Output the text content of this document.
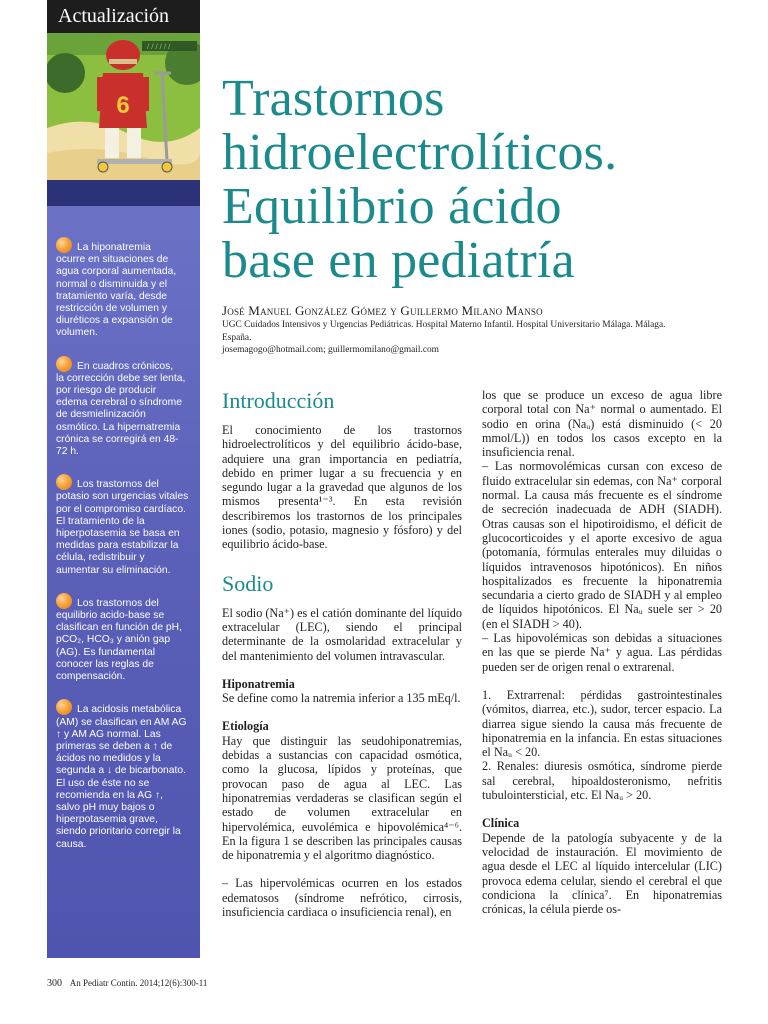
Actualización
/ / / / / /
6
La hiponatremia
ocurre en situaciones de agua corporal aumentada, normal o disminuida y el tratamiento varía, desde restricción de volumen y diuréticos a expansión de volumen.
En cuadros crónicos,
la corrección debe ser lenta, por riesgo de producir edema cerebral o síndrome de desmielinización osmótico. La hipernatremia crónica se corregirá en 48-72 h.
Los trastornos del
potasio son urgencias vitales por el compromiso cardíaco. El tratamiento de la hiperpotasemia se basa en medidas para estabilizar la célula, redistribuir y aumentar su eliminación.
Los trastornos del
equilibrio acido-base se clasifican en función de pH, pCO₂, HCO₃ y anión gap (AG). Es fundamental conocer las reglas de compensación.
La acidosis metabólica
(AM) se clasifican en AM AG ↑ y AM AG normal. Las primeras se deben a ↑ de ácidos no medidos y la segunda a ↓ de bicarbonato. El uso de éste no se recomienda en la AG ↑, salvo pH muy bajos o hiperpotasemia grave, siendo prioritario corregir la causa.
Trastornos
hidroelectrolíticos.
Equilibrio ácido
base en pediatría
José Manuel González Gómez y Guillermo Milano Manso
UGC Cuidados Intensivos y Urgencias Pediátricas. Hospital Materno Infantil. Hospital Universitario Málaga. Málaga.
España.
josemagogo@hotmail.com; guillermomilano@gmail.com
Introducción

El conocimiento de los trastornos hidroelectrolíticos y del equilibrio ácido-base, adquiere una gran importancia en pediatría, debido en primer lugar a su frecuencia y en segundo lugar a la gravedad que algunos de los mismos presenta¹⁻³. En esta revisión describiremos los trastornos de los principales iones (sodio, potasio, magnesio y fósforo) y del equilibrio ácido-base.

Sodio

El sodio (Na⁺) es el catión dominante del líquido extracelular (LEC), siendo el principal determinante de la osmolaridad extracelular y del mantenimiento del volumen intravascular.

Hiponatremia

Se define como la natremia inferior a 135 mEq/l.

Etiología

Hay que distinguir las seudohiponatremias, debidas a sustancias con capacidad osmótica, como la glucosa, lípidos y proteínas, que provocan paso de agua al LEC. Las hiponatremias verdaderas se clasifican según el estado de volumen extracelular en hipervolémica, euvolémica e hipovolémica⁴⁻⁶. En la figura 1 se describen las principales causas de hiponatremia y el algoritmo diagnóstico.

– Las hipervolémicas ocurren en los estados edematosos (síndrome nefrótico, cirrosis, insuficiencia cardiaca o insuficiencia renal), en

los que se produce un exceso de agua libre corporal total con Na⁺ normal o aumentado. El sodio en orina (Naᵤ) está disminuido (< 20 mmol/L)) en todos los casos excepto en la insuficiencia renal.

– Las normovolémicas cursan con exceso de fluido extracelular sin edemas, con Na⁺ corporal normal. La causa más frecuente es el síndrome de secreción inadecuada de ADH (SIADH). Otras causas son el hipotiroidismo, el déficit de glucocorticoides y el aporte excesivo de agua (potomanía, fórmulas enterales muy diluidas o líquidos intravenosos hipotónicos). En niños hospitalizados es frecuente la hiponatremia secundaria a cierto grado de SIADH y al empleo de líquidos hipotónicos. El Naᵤ suele ser > 20 (en el SIADH > 40).

– Las hipovolémicas son debidas a situaciones en las que se pierde Na⁺ y agua. Las pérdidas pueden ser de origen renal o extrarenal.

1. Extrarrenal: pérdidas gastrointestinales (vómitos, diarrea, etc.), sudor, tercer espacio. La diarrea sigue siendo la causa más frecuente de hiponatremia en la infancia. En estas situaciones el Naᵤ < 20.

2. Renales: diuresis osmótica, síndrome pierde sal cerebral, hipoaldosteronismo, nefritis tubulointersticial, etc. El Naᵤ > 20.

Clínica

Depende de la patología subyacente y de la velocidad de instauración. El movimiento de agua desde el LEC al líquido intercelular (LIC) provoca edema celular, siendo el cerebral el que condiciona la clínica⁷. En hiponatremias crónicas, la célula pierde os-

300 An Pediatr Contin. 2014;12(6):300-11
